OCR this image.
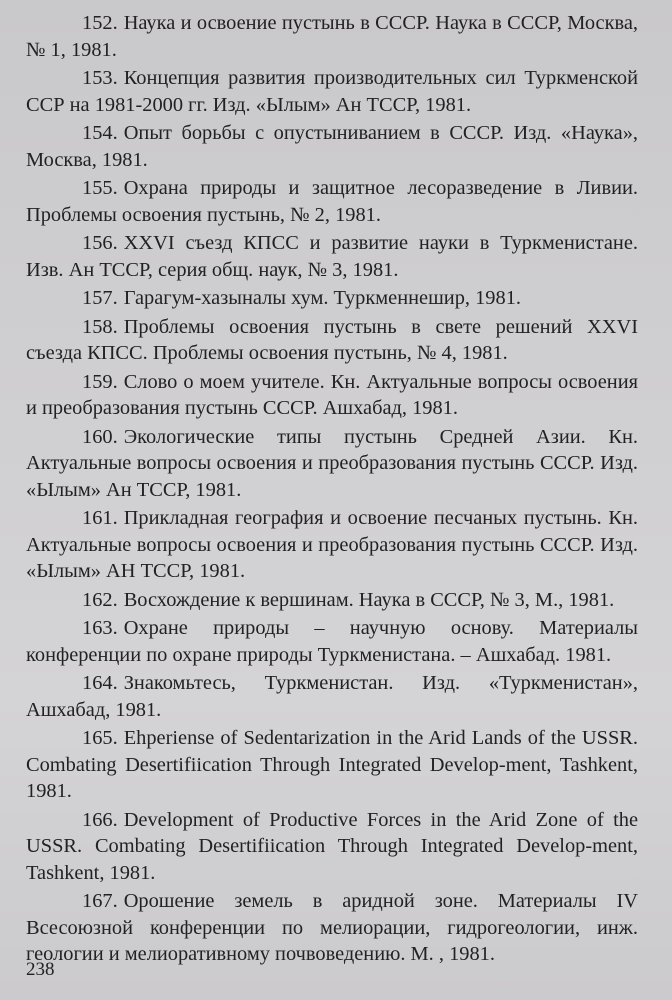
152. Наука и освоение пустынь в СССР. Наука в СССР, Москва, № 1, 1981.
153. Концепция развития производительных сил Туркменской ССР на 1981-2000 гг. Изд. «Ылым» Ан ТССР, 1981.
154. Опыт борьбы с опустыниванием в СССР. Изд. «Наука», Москва, 1981.
155. Охрана природы и защитное лесоразведение в Ливии. Проблемы освоения пустынь, № 2, 1981.
156. XXVI съезд КПСС и развитие науки в Туркменистане. Изв. Ан ТССР, серия общ. наук, № 3, 1981.
157. Гарагум-хазыналы хум. Туркменнешир, 1981.
158. Проблемы освоения пустынь в свете решений XXVI съезда КПСС. Проблемы освоения пустынь, № 4, 1981.
159. Слово о моем учителе. Кн. Актуальные вопросы освоения и преобразования пустынь СССР. Ашхабад, 1981.
160. Экологические типы пустынь Средней Азии. Кн. Актуальные вопросы освоения и преобразования пустынь СССР. Изд. «Ылым» Ан ТССР, 1981.
161. Прикладная география и освоение песчаных пустынь. Кн. Актуальные вопросы освоения и преобразования пустынь СССР. Изд. «Ылым» АН ТССР, 1981.
162. Восхождение к вершинам. Наука в СССР, № 3, М., 1981.
163. Охране природы – научную основу. Материалы конференции по охране природы Туркменистана. – Ашхабад. 1981.
164. Знакомьтесь, Туркменистан. Изд. «Туркменистан», Ашхабад, 1981.
165. Ehperiense of Sedentarization in the Arid Lands of the USSR. Combating Desertifiication Through Integrated Develop-ment, Tashkent, 1981.
166. Development of Productive Forces in the Arid Zone of the USSR. Combating Desertifiication Through Integrated Develop-ment, Tashkent, 1981.
167. Орошение земель в аридной зоне. Материалы IV Всесоюзной конференции по мелиорации, гидрогеологии, инж. геологии и мелиоративному почвоведению. М. , 1981.
238
